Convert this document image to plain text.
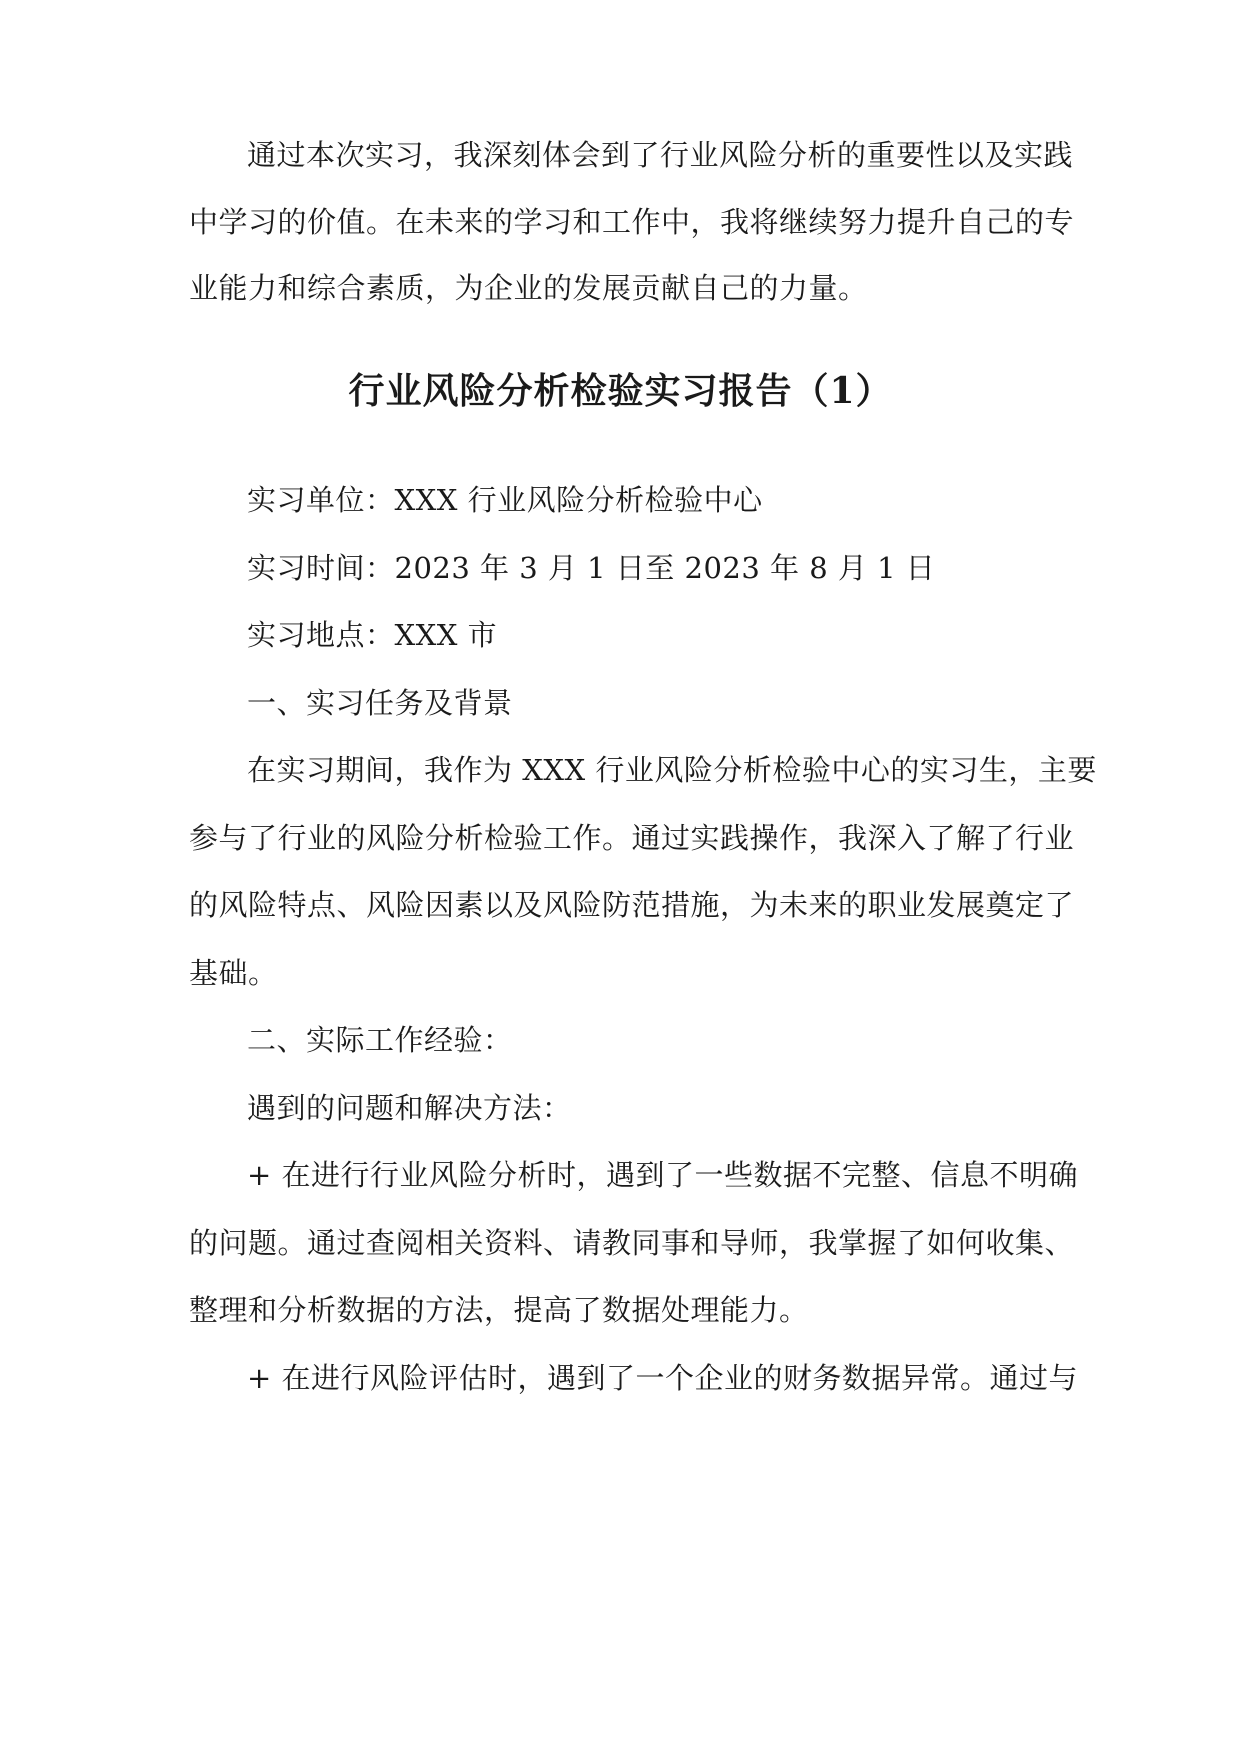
通过本次实习，我深刻体会到了行业风险分析的重要性以及实践
中学习的价值。在未来的学习和工作中，我将继续努力提升自己的专
业能力和综合素质，为企业的发展贡献自己的力量。
行业风险分析检验实习报告（1）
实习单位：XXX 行业风险分析检验中心
实习时间：2023 年 3 月 1 日至 2023 年 8 月 1 日
实习地点：XXX 市
一、实习任务及背景
在实习期间，我作为 XXX 行业风险分析检验中心的实习生，主要
参与了行业的风险分析检验工作。通过实践操作，我深入了解了行业
的风险特点、风险因素以及风险防范措施，为未来的职业发展奠定了
基础。
二、实际工作经验：
遇到的问题和解决方法：
+ 在进行行业风险分析时，遇到了一些数据不完整、信息不明确
的问题。通过查阅相关资料、请教同事和导师，我掌握了如何收集、
整理和分析数据的方法，提高了数据处理能力。
+ 在进行风险评估时，遇到了一个企业的财务数据异常。通过与
